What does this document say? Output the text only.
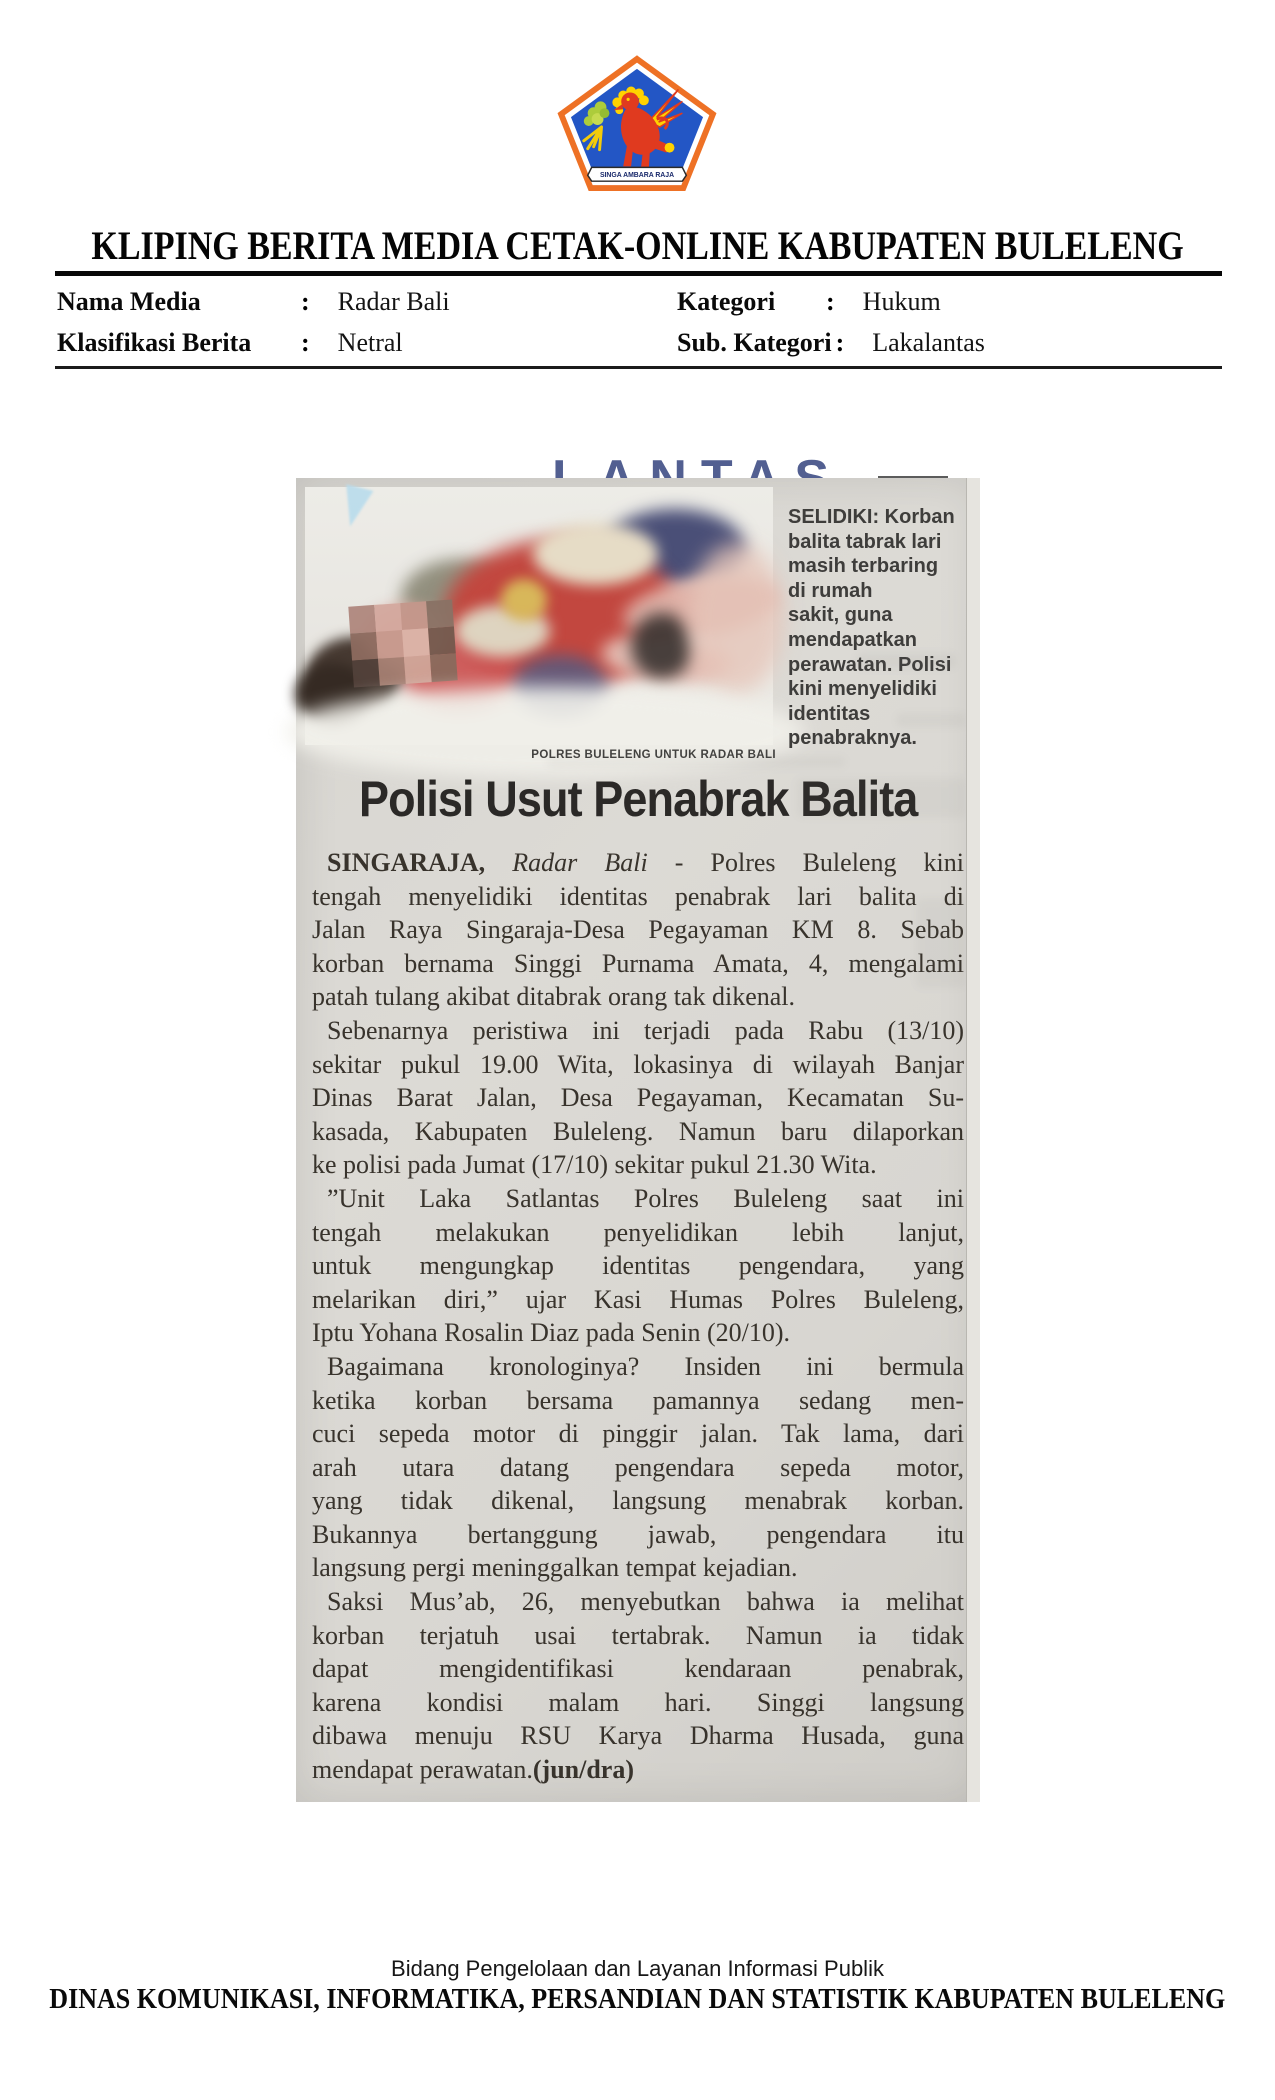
SINGA AMBARA RAJA
KLIPING BERITA MEDIA CETAK-ONLINE KABUPATEN BULELENG
Nama Media	: Radar Bali	Kategori	: Hukum
Klasifikasi Berita	: Netral	Sub. Kategori : Lakalantas
SELIDIKI: Korban
balita tabrak lari
masih terbaring
di rumah
sakit, guna
mendapatkan
perawatan. Polisi
kini menyelidiki
identitas
penabraknya.
POLRES BULELENG UNTUK RADAR BALI
Polisi Usut Penabrak Balita
SINGARAJA, Radar Bali - Polres Buleleng kini
tengah menyelidiki identitas penabrak lari balita di
Jalan Raya Singaraja-Desa Pegayaman KM 8. Sebab
korban bernama Singgi Purnama Amata, 4, mengalami
patah tulang akibat ditabrak orang tak dikenal.
Sebenarnya peristiwa ini terjadi pada Rabu (13/10)
sekitar pukul 19.00 Wita, lokasinya di wilayah Banjar
Dinas Barat Jalan, Desa Pegayaman, Kecamatan Su-
kasada, Kabupaten Buleleng. Namun baru dilaporkan
ke polisi pada Jumat (17/10) sekitar pukul 21.30 Wita.
”Unit Laka Satlantas Polres Buleleng saat ini
tengah melakukan penyelidikan lebih lanjut,
untuk mengungkap identitas pengendara, yang
melarikan diri,” ujar Kasi Humas Polres Buleleng,
Iptu Yohana Rosalin Diaz pada Senin (20/10).
Bagaimana kronologinya? Insiden ini bermula
ketika korban bersama pamannya sedang men-
cuci sepeda motor di pinggir jalan. Tak lama, dari
arah utara datang pengendara sepeda motor,
yang tidak dikenal, langsung menabrak korban.
Bukannya bertanggung jawab, pengendara itu
langsung pergi meninggalkan tempat kejadian.
Saksi Mus’ab, 26, menyebutkan bahwa ia melihat
korban terjatuh usai tertabrak. Namun ia tidak
dapat mengidentifikasi kendaraan penabrak,
karena kondisi malam hari. Singgi langsung
dibawa menuju RSU Karya Dharma Husada, guna
mendapat perawatan.(jun/dra)
Bidang Pengelolaan dan Layanan Informasi Publik
DINAS KOMUNIKASI, INFORMATIKA, PERSANDIAN DAN STATISTIK KABUPATEN BULELENG
